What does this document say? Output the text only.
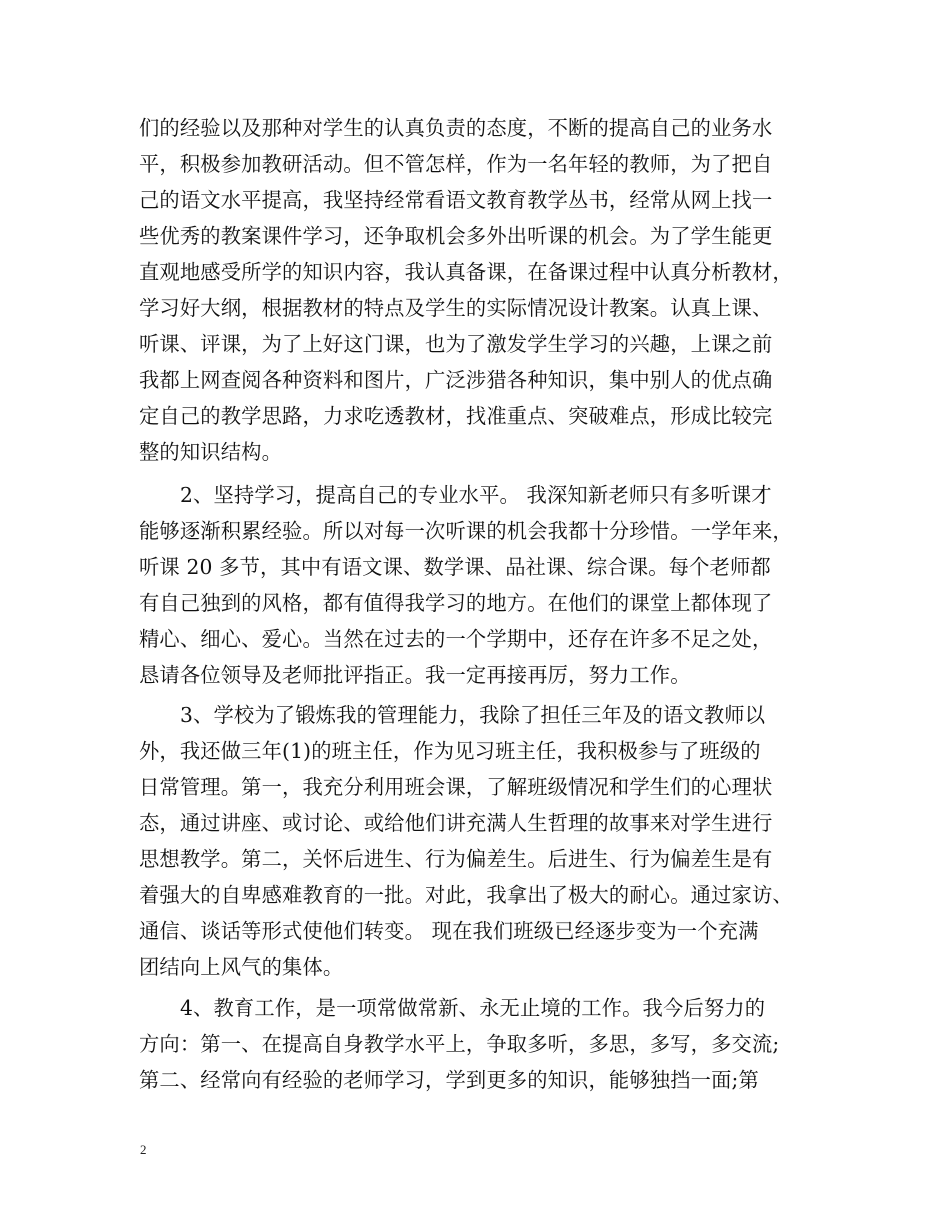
们的经验以及那种对学生的认真负责的态度，不断的提高自己的业务水
平，积极参加教研活动。但不管怎样，作为一名年轻的教师，为了把自
己的语文水平提高，我坚持经常看语文教育教学丛书，经常从网上找一
些优秀的教案课件学习，还争取机会多外出听课的机会。为了学生能更
直观地感受所学的知识内容，我认真备课，在备课过程中认真分析教材，
学习好大纲，根据教材的特点及学生的实际情况设计教案。认真上课、
听课、评课，为了上好这门课，也为了激发学生学习的兴趣，上课之前
我都上网查阅各种资料和图片，广泛涉猎各种知识，集中别人的优点确
定自己的教学思路，力求吃透教材，找准重点、突破难点，形成比较完
整的知识结构。
2、坚持学习，提高自己的专业水平。 我深知新老师只有多听课才
能够逐渐积累经验。所以对每一次听课的机会我都十分珍惜。一学年来，
听课 20 多节，其中有语文课、数学课、品社课、综合课。每个老师都
有自己独到的风格，都有值得我学习的地方。在他们的课堂上都体现了
精心、细心、爱心。当然在过去的一个学期中，还存在许多不足之处，
恳请各位领导及老师批评指正。我一定再接再厉，努力工作。
3、学校为了锻炼我的管理能力，我除了担任三年及的语文教师以
外，我还做三年(1)的班主任，作为见习班主任，我积极参与了班级的
日常管理。第一，我充分利用班会课，了解班级情况和学生们的心理状
态，通过讲座、或讨论、或给他们讲充满人生哲理的故事来对学生进行
思想教学。第二，关怀后进生、行为偏差生。后进生、行为偏差生是有
着强大的自卑感难教育的一批。对此，我拿出了极大的耐心。通过家访、
通信、谈话等形式使他们转变。 现在我们班级已经逐步变为一个充满
团结向上风气的集体。
4、教育工作，是一项常做常新、永无止境的工作。我今后努力的
方向：第一、在提高自身教学水平上，争取多听，多思，多写，多交流;
第二、经常向有经验的老师学习，学到更多的知识，能够独挡一面;第
2
